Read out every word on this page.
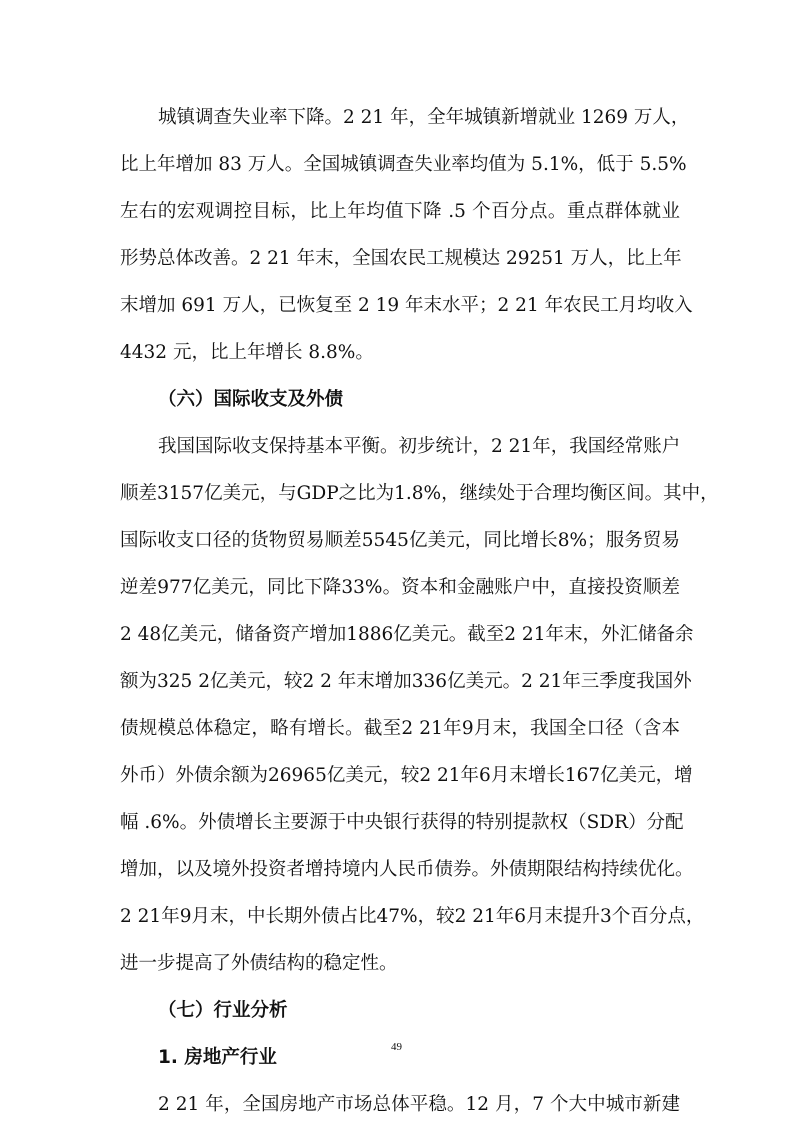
城镇调查失业率下降。2 21 年，全年城镇新增就业 1269 万人，
比上年增加 83 万人。全国城镇调查失业率均值为 5.1%，低于 5.5%
左右的宏观调控目标，比上年均值下降 .5 个百分点。重点群体就业
形势总体改善。2 21 年末，全国农民工规模达 29251 万人，比上年
末增加 691 万人，已恢复至 2 19 年末水平；2 21 年农民工月均收入
4432 元，比上年增长 8.8%。
（六）国际收支及外债
我国国际收支保持基本平衡。初步统计，2 21年，我国经常账户
顺差3157亿美元，与GDP之比为1.8%，继续处于合理均衡区间。其中，
国际收支口径的货物贸易顺差5545亿美元，同比增长8%；服务贸易
逆差977亿美元，同比下降33%。资本和金融账户中，直接投资顺差
2 48亿美元，储备资产增加1886亿美元。截至2 21年末，外汇储备余
额为325 2亿美元，较2 2 年末增加336亿美元。2 21年三季度我国外
债规模总体稳定，略有增长。截至2 21年9月末，我国全口径（含本
外币）外债余额为26965亿美元，较2 21年6月末增长167亿美元，增
幅 .6%。外债增长主要源于中央银行获得的特别提款权（SDR）分配
增加，以及境外投资者增持境内人民币债券。外债期限结构持续优化。
2 21年9月末，中长期外债占比47%，较2 21年6月末提升3个百分点，
进一步提高了外债结构的稳定性。
（七）行业分析
1. 房地产行业	49
2 21 年，全国房地产市场总体平稳。12 月，7 个大中城市新建
